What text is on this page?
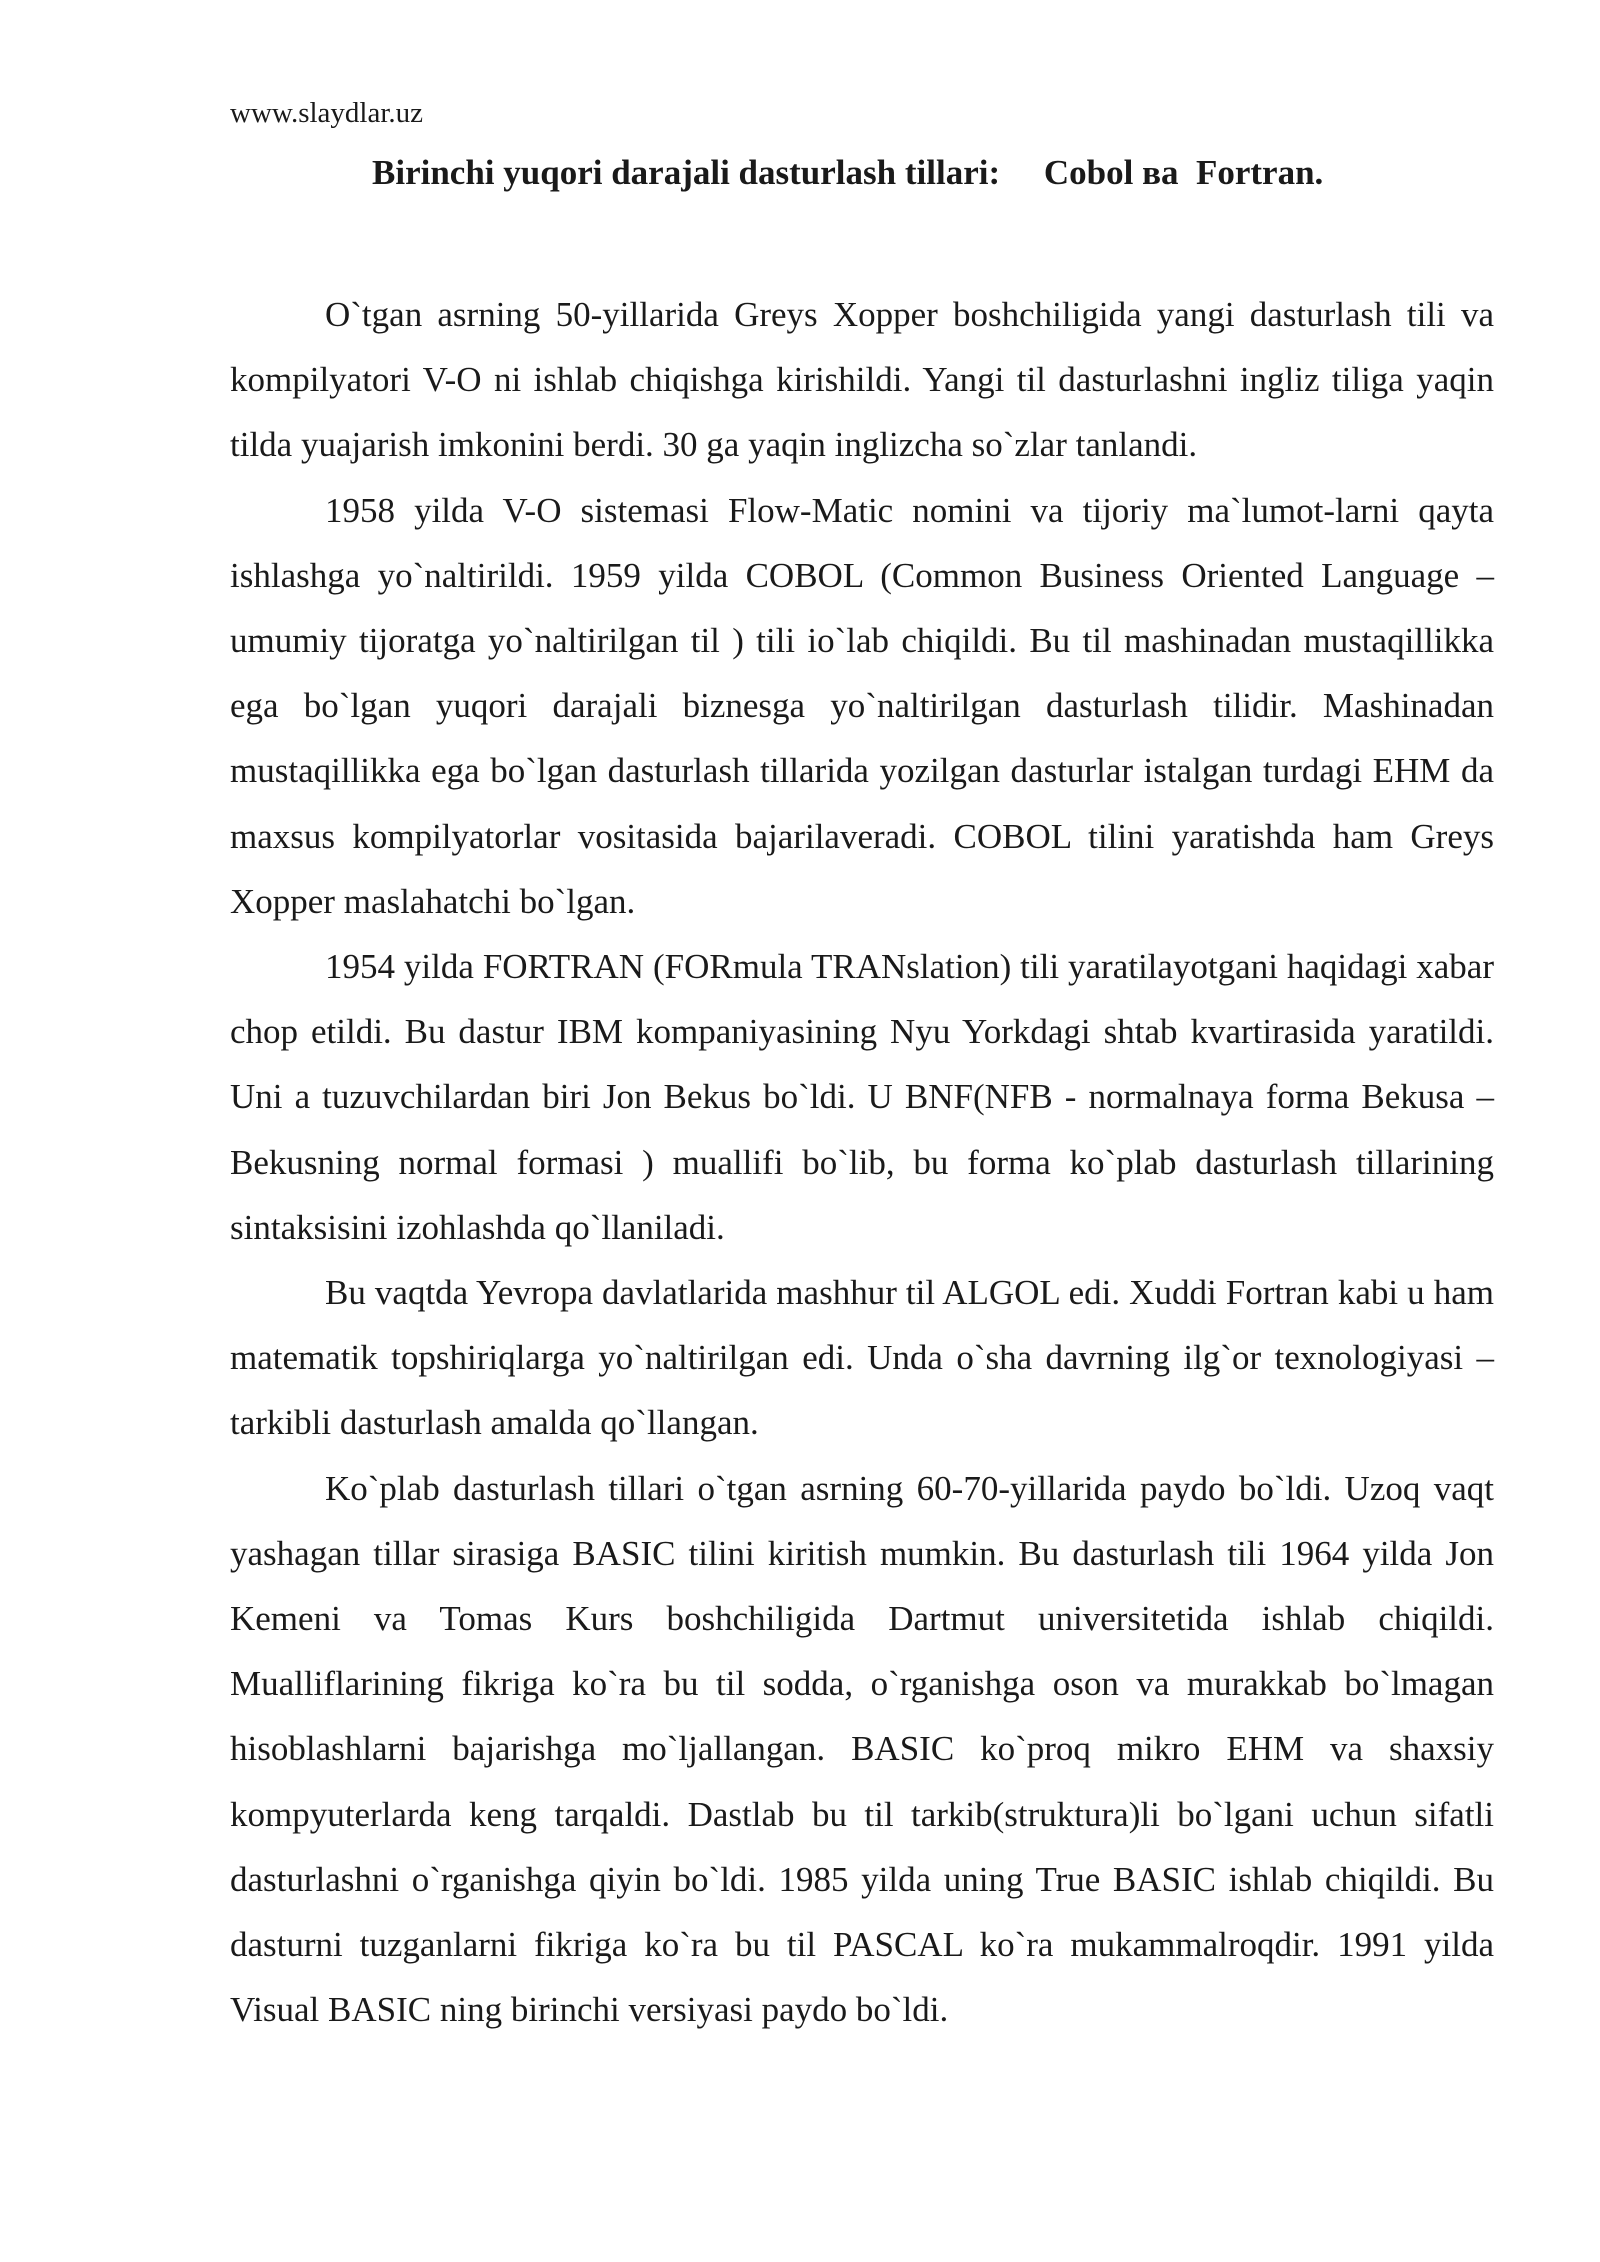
www.slaydlar.uz
Birinchi yuqori darajali dasturlash tillari:     Cobol ва  Fortran.

O`tgan asrning 50-yillarida Greys Xopper boshchiligida yangi dasturlash tili va kompilyatori V-O ni ishlab chiqishga kirishildi. Yangi til dasturlashni ingliz tiliga yaqin tilda yuajarish imkonini berdi. 30 ga yaqin inglizcha so`zlar tanlandi.

1958 yilda V-O sistemasi Flow-Matic nomini va tijoriy ma`lumot-larni qayta ishlashga yo`naltirildi. 1959 yilda COBOL (Common Business Oriented Language – umumiy tijoratga yo`naltirilgan til ) tili io`lab chiqildi. Bu til mashinadan mustaqillikka ega bo`lgan yuqori darajali biznesga yo`naltirilgan dasturlash tilidir. Mashinadan mustaqillikka ega bo`lgan dasturlash tillarida yozilgan dasturlar istalgan turdagi EHM da maxsus kompilyatorlar vositasida bajarilaveradi. COBOL tilini yaratishda ham Greys Xopper maslahatchi bo`lgan.

1954 yilda FORTRAN (FORmula TRANslation) tili yaratilayotgani haqidagi xabar chop etildi. Bu dastur IBM kompaniyasining Nyu Yorkdagi shtab kvartirasida yaratildi. Uni a tuzuvchilardan biri Jon Bekus bo`ldi. U BNF(NFB - normalnaya forma Bekusa – Bekusning normal formasi ) muallifi bo`lib, bu forma ko`plab dasturlash tillarining sintaksisini izohlashda qo`llaniladi.

Bu vaqtda Yevropa davlatlarida mashhur til ALGOL edi. Xuddi Fortran kabi u ham matematik topshiriqlarga yo`naltirilgan edi. Unda o`sha davrning ilg`or texnologiyasi – tarkibli dasturlash amalda qo`llangan.

Ko`plab dasturlash tillari o`tgan asrning 60-70-yillarida paydo bo`ldi. Uzoq vaqt yashagan tillar sirasiga BASIC tilini kiritish mumkin. Bu dasturlash tili 1964 yilda Jon Kemeni va Tomas Kurs boshchiligida Dartmut universitetida ishlab chiqildi. Mualliflarining fikriga ko`ra bu til sodda, o`rganishga oson va murakkab bo`lmagan hisoblashlarni bajarishga mo`ljallangan. BASIC ko`proq mikro EHM va shaxsiy kompyuterlarda keng tarqaldi. Dastlab bu til tarkib(struktura)li bo`lgani uchun sifatli dasturlashni o`rganishga qiyin bo`ldi. 1985 yilda uning True BASIC ishlab chiqildi. Bu dasturni tuzganlarni fikriga ko`ra bu til PASCAL ko`ra mukammalroqdir. 1991 yilda Visual BASIC ning birinchi versiyasi paydo bo`ldi.
